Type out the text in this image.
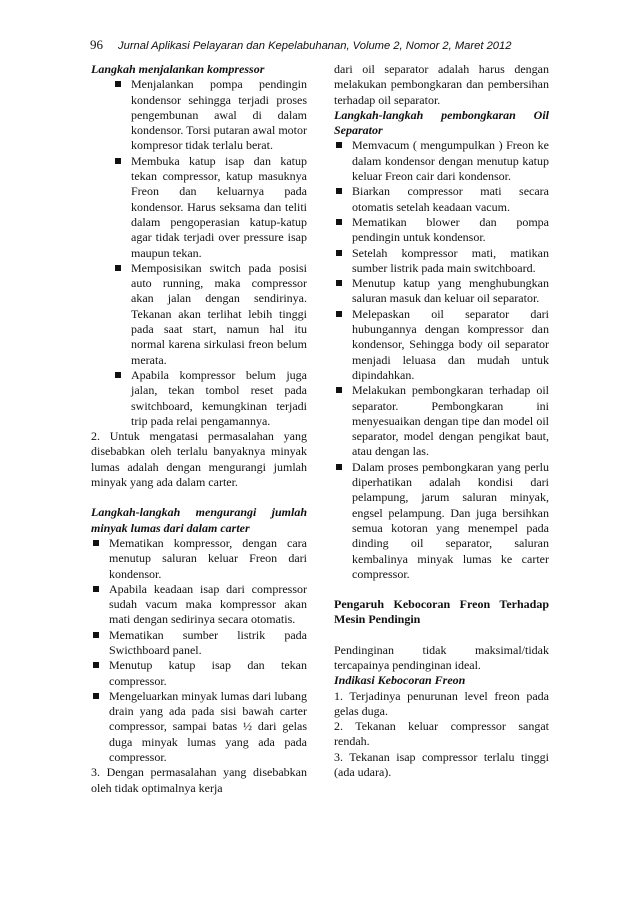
96 Jurnal Aplikasi Pelayaran dan Kepelabuhanan, Volume 2, Nomor 2, Maret 2012

Langkah menjalankan kompressor

Menjalankan pompa pendingin kondensor sehingga terjadi proses pengembunan awal di dalam kondensor. Torsi putaran awal motor kompresor tidak terlalu berat.
Membuka katup isap dan katup tekan compressor, katup masuknya Freon dan keluarnya pada kondensor. Harus seksama dan teliti dalam pengoperasian katup-katup agar tidak terjadi over pressure isap maupun tekan.
Memposisikan switch pada posisi auto running, maka compressor akan jalan dengan sendirinya. Tekanan akan terlihat lebih tinggi pada saat start, namun hal itu normal karena sirkulasi freon belum merata.
Apabila kompressor belum juga jalan, tekan tombol reset pada switchboard, kemungkinan terjadi trip pada relai pengamannya.

2. Untuk mengatasi permasalahan yang disebabkan oleh terlalu banyaknya minyak lumas adalah dengan mengurangi jumlah minyak yang ada dalam carter.

Langkah-langkah mengurangi jumlah minyak lumas dari dalam carter

Mematikan kompressor, dengan cara menutup saluran keluar Freon dari kondensor.
Apabila keadaan isap dari compressor sudah vacum maka kompressor akan mati dengan sedirinya secara otomatis.
Mematikan sumber listrik pada Swicthboard panel.
Menutup katup isap dan tekan compressor.
Mengeluarkan minyak lumas dari lubang drain yang ada pada sisi bawah carter compressor, sampai batas ½ dari gelas duga minyak lumas yang ada pada compressor.

3. Dengan permasalahan yang disebabkan oleh tidak optimalnya kerja

dari oil separator adalah harus dengan melakukan pembongkaran dan pembersihan terhadap oil separator.

Langkah-langkah pembongkaran Oil Separator

Memvacum ( mengumpulkan ) Freon ke dalam kondensor dengan menutup katup keluar Freon cair dari kondensor.
Biarkan compressor mati secara otomatis setelah keadaan vacum.
Mematikan blower dan pompa pendingin untuk kondensor.
Setelah kompressor mati, matikan sumber listrik pada main switchboard.
Menutup katup yang menghubungkan saluran masuk dan keluar oil separator.
Melepaskan oil separator dari hubungannya dengan kompressor dan kondensor, Sehingga body oil separator menjadi leluasa dan mudah untuk dipindahkan.
Melakukan pembongkaran terhadap oil separator. Pembongkaran ini menyesuaikan dengan tipe dan model oil separator, model dengan pengikat baut, atau dengan las.
Dalam proses pembongkaran yang perlu diperhatikan adalah kondisi dari pelampung, jarum saluran minyak, engsel pelampung. Dan juga bersihkan semua kotoran yang menempel pada dinding oil separator, saluran kembalinya minyak lumas ke carter compressor.

Pengaruh Kebocoran Freon Terhadap Mesin Pendingin

Pendinginan tidak maksimal/tidak tercapainya pendinginan ideal.

Indikasi Kebocoran Freon

1. Terjadinya penurunan level freon pada gelas duga.

2. Tekanan keluar compressor sangat rendah.

3. Tekanan isap compressor terlalu tinggi (ada udara).
